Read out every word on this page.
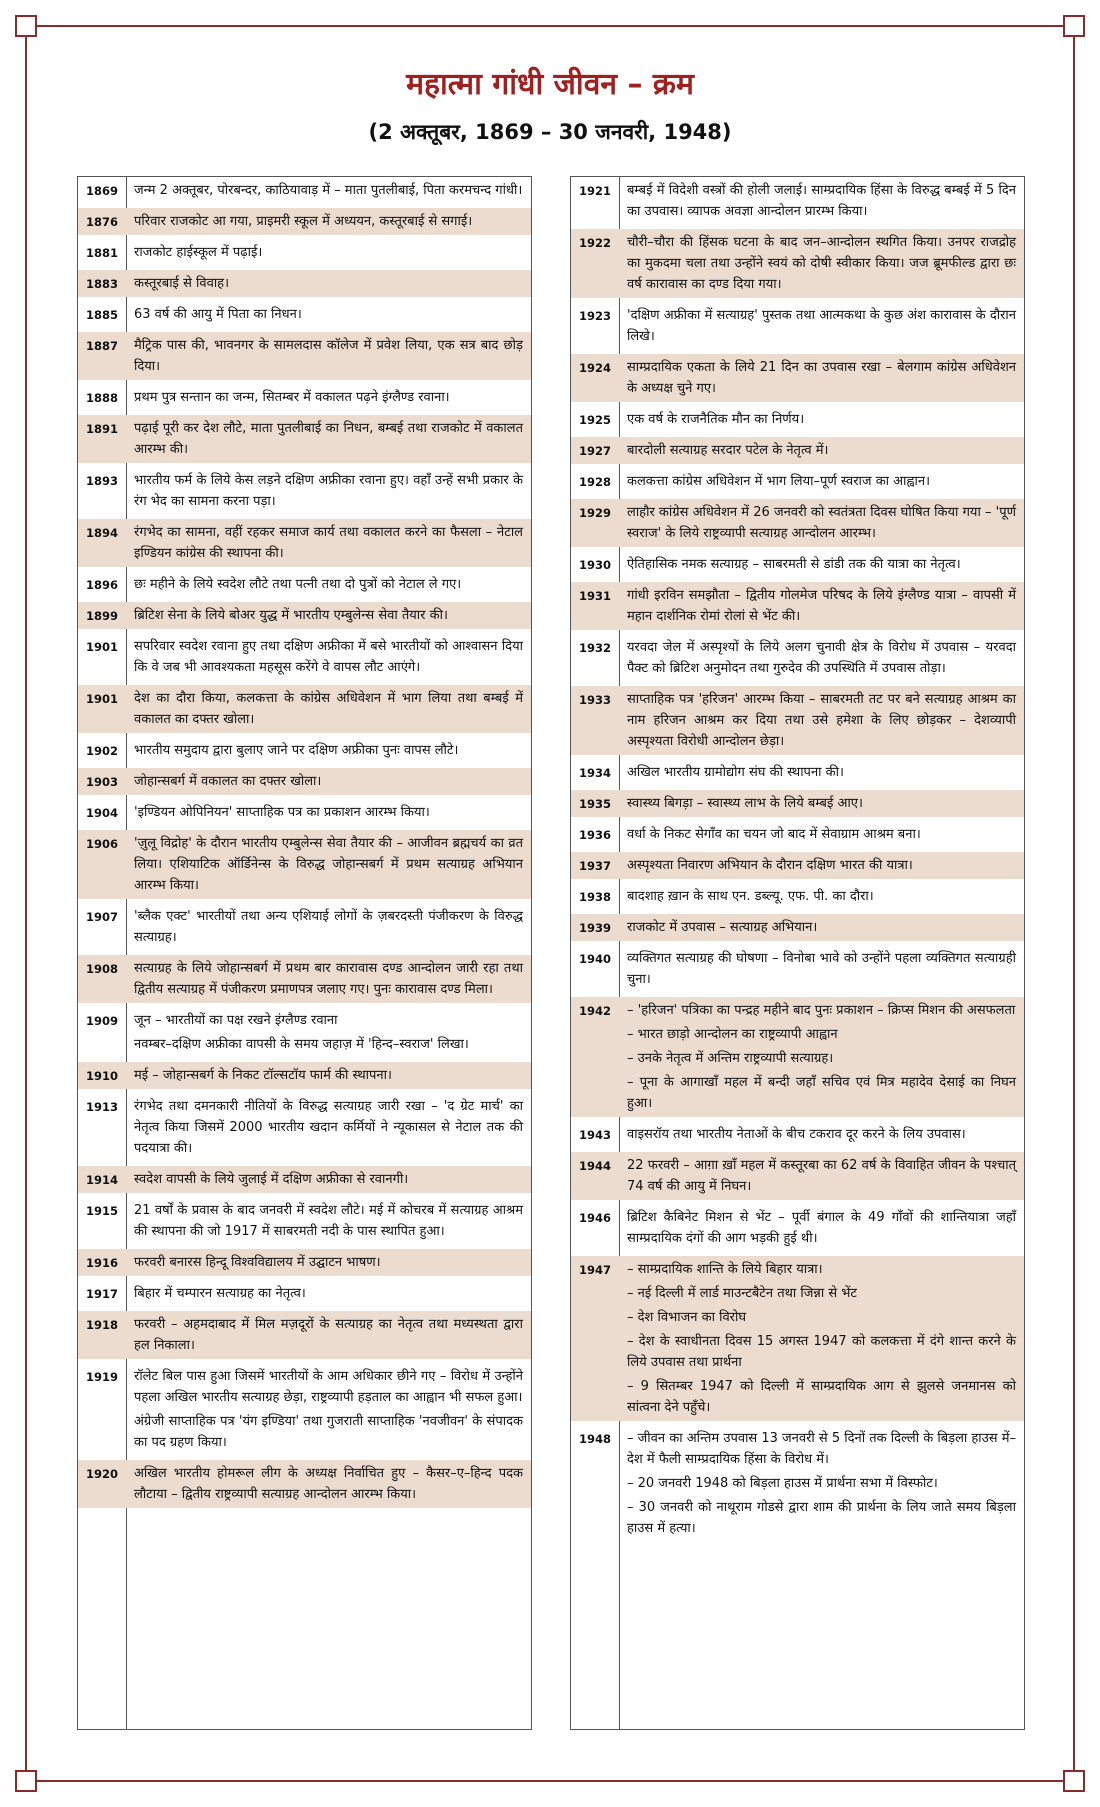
महात्मा गांधी जीवन – क्रम
(2 अक्तूबर, 1869 – 30 जनवरी, 1948)
1869	जन्म 2 अक्तूबर, पोरबन्दर, काठियावाड़ में – माता पुतलीबाई, पिता करमचन्द गांधी।
1876	परिवार राजकोट आ गया, प्राइमरी स्कूल में अध्ययन, कस्तूरबाई से सगाई।
1881	राजकोट हाईस्कूल में पढ़ाई।
1883	कस्तूरबाई से विवाह।
1885	63 वर्ष की आयु में पिता का निधन।
1887	मैट्रिक पास की, भावनगर के सामलदास कॉलेज में प्रवेश लिया, एक सत्र बाद छोड़ दिया।
1888	प्रथम पुत्र सन्तान का जन्म, सितम्बर में वकालत पढ़ने इंग्लैण्ड रवाना।
1891	पढ़ाई पूरी कर देश लौटे, माता पुतलीबाई का निधन, बम्बई तथा राजकोट में वकालत आरम्भ की।
1893	भारतीय फर्म के लिये केस लड़ने दक्षिण अफ्रीका रवाना हुए। वहाँ उन्हें सभी प्रकार के रंग भेद का सामना करना पड़ा।
1894	रंगभेद का सामना, वहीं रहकर समाज कार्य तथा वकालत करने का फैसला – नेटाल इण्डियन कांग्रेस की स्थापना की।
1896	छः महीने के लिये स्वदेश लौटे तथा पत्नी तथा दो पुत्रों को नेटाल ले गए।
1899	ब्रिटिश सेना के लिये बोअर युद्ध में भारतीय एम्बुलेन्स सेवा तैयार की।
1901	सपरिवार स्वदेश रवाना हुए तथा दक्षिण अफ्रीका में बसे भारतीयों को आश्वासन दिया कि वे जब भी आवश्यकता महसूस करेंगे वे वापस लौट आएंगे।
1901	देश का दौरा किया, कलकत्ता के कांग्रेस अधिवेशन में भाग लिया तथा बम्बई में वकालत का दफ्तर खोला।
1902	भारतीय समुदाय द्वारा बुलाए जाने पर दक्षिण अफ्रीका पुनः वापस लौटे।
1903	जोहान्सबर्ग में वकालत का दफ्तर खोला।
1904	'इण्डियन ओपिनियन' साप्ताहिक पत्र का प्रकाशन आरम्भ किया।
1906	'ज़ुलू विद्रोह' के दौरान भारतीय एम्बुलेन्स सेवा तैयार की – आजीवन ब्रह्मचर्य का व्रत लिया। एशियाटिक ऑर्डिनेन्स के विरुद्ध जोहान्सबर्ग में प्रथम सत्याग्रह अभियान आरम्भ किया।
1907	'ब्लैक एक्ट' भारतीयों तथा अन्य एशियाई लोगों के ज़बरदस्ती पंजीकरण के विरुद्ध सत्याग्रह।
1908	सत्याग्रह के लिये जोहान्सबर्ग में प्रथम बार कारावास दण्ड आन्दोलन जारी रहा तथा द्वितीय सत्याग्रह में पंजीकरण प्रमाणपत्र जलाए गए। पुनः कारावास दण्ड मिला।
1909	जून – भारतीयों का पक्ष रखने इंग्लैण्ड रवाना
नवम्बर–दक्षिण अफ्रीका वापसी के समय जहाज़ में 'हिन्द–स्वराज' लिखा।
1910	मई – जोहान्सबर्ग के निकट टॉल्सटॉय फार्म की स्थापना।
1913	रंगभेद तथा दमनकारी नीतियों के विरुद्ध सत्याग्रह जारी रखा – 'द ग्रेट मार्च' का नेतृत्व किया जिसमें 2000 भारतीय खदान कर्मियों ने न्यूकासल से नेटाल तक की पदयात्रा की।
1914	स्वदेश वापसी के लिये जुलाई में दक्षिण अफ्रीका से रवानगी।
1915	21 वर्षों के प्रवास के बाद जनवरी में स्वदेश लौटे। मई में कोचरब में सत्याग्रह आश्रम की स्थापना की जो 1917 में साबरमती नदी के पास स्थापित हुआ।
1916	फरवरी बनारस हिन्दू विश्वविद्यालय में उद्घाटन भाषण।
1917	बिहार में चम्पारन सत्याग्रह का नेतृत्व।
1918	फरवरी – अहमदाबाद में मिल मज़दूरों के सत्याग्रह का नेतृत्व तथा मध्यस्थता द्वारा हल निकाला।
1919	रॉलेट बिल पास हुआ जिसमें भारतीयों के आम अधिकार छीने गए – विरोध में उन्होंने पहला अखिल भारतीय सत्याग्रह छेड़ा, राष्ट्रव्यापी हड़ताल का आह्वान भी सफल हुआ।
अंग्रेजी साप्ताहिक पत्र 'यंग इण्डिया' तथा गुजराती साप्ताहिक 'नवजीवन' के संपादक का पद ग्रहण किया।
1920	अखिल भारतीय होमरूल लीग के अध्यक्ष निर्वाचित हुए – कैसर–ए–हिन्द पदक लौटाया – द्वितीय राष्ट्रव्यापी सत्याग्रह आन्दोलन आरम्भ किया।
1921	बम्बई में विदेशी वस्त्रों की होली जलाई। साम्प्रदायिक हिंसा के विरुद्ध बम्बई में 5 दिन का उपवास। व्यापक अवज्ञा आन्दोलन प्रारम्भ किया।
1922	चौरी–चौरा की हिंसक घटना के बाद जन–आन्दोलन स्थगित किया। उनपर राजद्रोह का मुकदमा चला तथा उन्होंने स्वयं को दोषी स्वीकार किया। जज ब्रूमफील्ड द्वारा छः वर्ष कारावास का दण्ड दिया गया।
1923	'दक्षिण अफ्रीका में सत्याग्रह' पुस्तक तथा आत्मकथा के कुछ अंश कारावास के दौरान लिखे।
1924	साम्प्रदायिक एकता के लिये 21 दिन का उपवास रखा – बेलगाम कांग्रेस अधिवेशन के अध्यक्ष चुने गए।
1925	एक वर्ष के राजनैतिक मौन का निर्णय।
1927	बारदोली सत्याग्रह सरदार पटेल के नेतृत्व में।
1928	कलकत्ता कांग्रेस अधिवेशन में भाग लिया–पूर्ण स्वराज का आह्वान।
1929	लाहौर कांग्रेस अधिवेशन में 26 जनवरी को स्वतंत्रता दिवस घोषित किया गया – 'पूर्ण स्वराज' के लिये राष्ट्रव्यापी सत्याग्रह आन्दोलन आरम्भ।
1930	ऐतिहासिक नमक सत्याग्रह – साबरमती से डांडी तक की यात्रा का नेतृत्व।
1931	गांधी इरविन समझौता – द्वितीय गोलमेज परिषद के लिये इंग्लैण्ड यात्रा – वापसी में महान दार्शनिक रोमां रोलां से भेंट की।
1932	यरवदा जेल में अस्पृश्यों के लिये अलग चुनावी क्षेत्र के विरोध में उपवास – यरवदा पैक्ट को ब्रिटिश अनुमोदन तथा गुरुदेव की उपस्थिति में उपवास तोड़ा।
1933	साप्ताहिक पत्र 'हरिजन' आरम्भ किया – साबरमती तट पर बने सत्याग्रह आश्रम का नाम हरिजन आश्रम कर दिया तथा उसे हमेशा के लिए छोड़कर – देशव्यापी अस्पृश्यता विरोधी आन्दोलन छेड़ा।
1934	अखिल भारतीय ग्रामोद्योग संघ की स्थापना की।
1935	स्वास्थ्य बिगड़ा – स्वास्थ्य लाभ के लिये बम्बई आए।
1936	वर्धा के निकट सेगाँव का चयन जो बाद में सेवाग्राम आश्रम बना।
1937	अस्पृश्यता निवारण अभियान के दौरान दक्षिण भारत की यात्रा।
1938	बादशाह ख़ान के साथ एन. डब्ल्यू. एफ. पी. का दौरा।
1939	राजकोट में उपवास – सत्याग्रह अभियान।
1940	व्यक्तिगत सत्याग्रह की घोषणा – विनोबा भावे को उन्होंने पहला व्यक्तिगत सत्याग्रही चुना।
1942	– 'हरिजन' पत्रिका का पन्द्रह महीने बाद पुनः प्रकाशन – क्रिप्स मिशन की असफलता
– भारत छाड़ो आन्दोलन का राष्ट्रव्यापी आह्वान
– उनके नेतृत्व में अन्तिम राष्ट्रव्यापी सत्याग्रह।
– पूना के आगाखाँ महल में बन्दी जहाँ सचिव एवं मित्र महादेव देसाई का निघन हुआ।
1943	वाइसरॉय तथा भारतीय नेताओं के बीच टकराव दूर करने के लिय उपवास।
1944	22 फरवरी – आग़ा ख़ाँ महल में कस्तूरबा का 62 वर्ष के विवाहित जीवन के पश्चात् 74 वर्ष की आयु में निघन।
1946	ब्रिटिश कैबिनेट मिशन से भेंट – पूर्वी बंगाल के 49 गाँवों की शान्तियात्रा जहाँ साम्प्रदायिक दंगों की आग भड़की हुई थी।
1947	– साम्प्रदायिक शान्ति के लिये बिहार यात्रा।
– नई दिल्ली में लार्ड माउन्टबैटेन तथा जिन्ना से भेंट
– देश विभाजन का विरोघ
– देश के स्वाधीनता दिवस 15 अगस्त 1947 को कलकत्ता में दंगे शान्त करने के लिये उपवास तथा प्रार्थना
– 9 सितम्बर 1947 को दिल्ली में साम्प्रदायिक आग से झुलसे जनमानस को सांत्वना देने पहुँचे।
1948	– जीवन का अन्तिम उपवास 13 जनवरी से 5 दिनों तक दिल्ली के बिड़ला हाउस में–देश में फैली साम्प्रदायिक हिंसा के विरोध में।
– 20 जनवरी 1948 को बिड़ला हाउस में प्रार्थना सभा में विस्फोट।
– 30 जनवरी को नाथूराम गोडसे द्वारा शाम की प्रार्थना के लिय जाते समय बिड़ला हाउस में हत्या।
